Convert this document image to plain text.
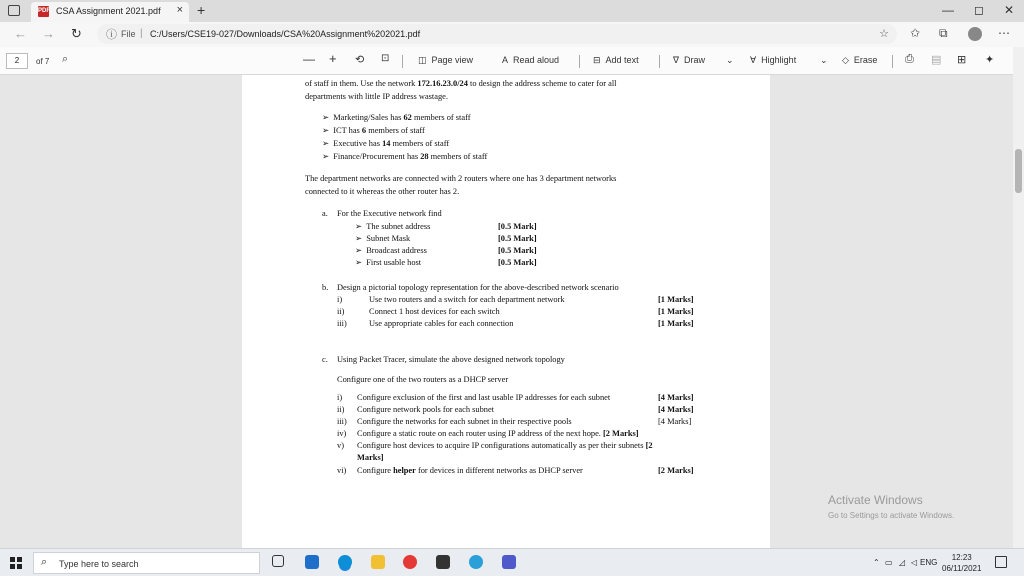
PDF CSA Assignment 2021.pdf × +	— ◻ ✕
← → ↻ ⓘ File | C:/Users/CSE19-027/Downloads/CSA%20Assignment%202021.pdf	☆ ✩ ⧉	⋯
2	of 7 ⌕	— + ⟲ ⊡	◫ Page view	A Read aloud	⊟ Add text	∇ Draw ⌄ ∀ Highlight	⌄ ◇ Erase	⎙ ▤ ⊞ ✦
of staff in them. Use the network 172.16.23.0/24 to design the address scheme to cater for all
departments with little IP address wastage.
➢  Marketing/Sales has 62 members of staff
➢  ICT has 6 members of staff
➢  Executive has 14 members of staff
➢  Finance/Procurement has 28 members of staff
The department networks are connected with 2 routers where one has 3 department networks
connected to it whereas the other router has 2.
a. For the Executive network find
➢  The subnet address	[0.5 Mark]
➢  Subnet Mask	[0.5 Mark]
➢  Broadcast address	[0.5 Mark]
➢  First usable host	[0.5 Mark]
b. Design a pictorial topology representation for the above-described network scenario
i)	Use two routers and a switch for each department network	[1 Marks]
ii)	Connect 1 host devices for each switch	[1 Marks]
iii)	Use appropriate cables for each connection	[1 Marks]
c. Using Packet Tracer, simulate the above designed network topology
Configure one of the two routers as a DHCP server
i) Configure exclusion of the first and last usable IP addresses for each subnet	[4 Marks]
ii) Configure network pools for each subnet	[4 Marks]
iii) Configure the networks for each subnet in their respective pools	[4 Marks]
iv) Configure a static route on each router using IP address of the next hope. [2 Marks]
v) Configure host devices to acquire IP configurations automatically as per their subnets [2
Marks]
vi) Configure helper for devices in different networks as DHCP server	[2 Marks]
Activate Windows
Go to Settings to activate Windows.
⌕ Type here to search	⌃ ▭ ◿ ◁ ENG
12:23
06/11/2021
